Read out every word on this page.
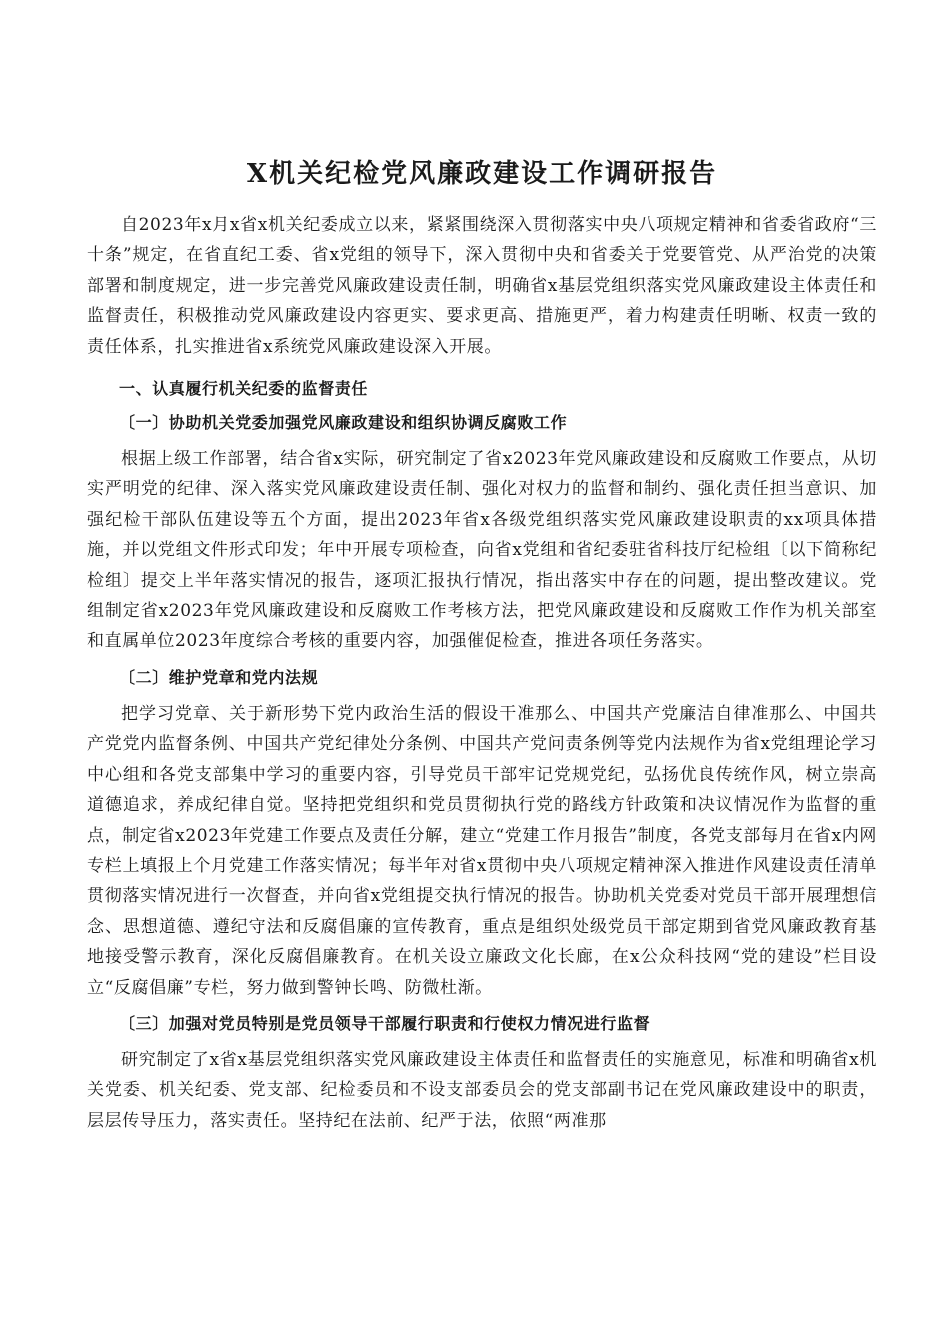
X机关纪检党风廉政建设工作调研报告

自2023年x月x省x机关纪委成立以来，紧紧围绕深入贯彻落实中央八项规定精神和省委省政府“三十条”规定，在省直纪工委、省x党组的领导下，深入贯彻中央和省委关于党要管党、从严治党的决策部署和制度规定，进一步完善党风廉政建设责任制，明确省x基层党组织落实党风廉政建设主体责任和监督责任，积极推动党风廉政建设内容更实、要求更高、措施更严，着力构建责任明晰、权责一致的责任体系，扎实推进省x系统党风廉政建设深入开展。

一、认真履行机关纪委的监督责任
〔一〕协助机关党委加强党风廉政建设和组织协调反腐败工作

根据上级工作部署，结合省x实际，研究制定了省x2023年党风廉政建设和反腐败工作要点，从切实严明党的纪律、深入落实党风廉政建设责任制、强化对权力的监督和制约、强化责任担当意识、加强纪检干部队伍建设等五个方面，提出2023年省x各级党组织落实党风廉政建设职责的xx项具体措施，并以党组文件形式印发；年中开展专项检查，向省x党组和省纪委驻省科技厅纪检组〔以下简称纪检组〕提交上半年落实情况的报告，逐项汇报执行情况，指出落实中存在的问题，提出整改建议。党组制定省x2023年党风廉政建设和反腐败工作考核方法，把党风廉政建设和反腐败工作作为机关部室和直属单位2023年度综合考核的重要内容，加强催促检查，推进各项任务落实。

〔二〕维护党章和党内法规

把学习党章、关于新形势下党内政治生活的假设干准那么、中国共产党廉洁自律准那么、中国共产党党内监督条例、中国共产党纪律处分条例、中国共产党问责条例等党内法规作为省x党组理论学习中心组和各党支部集中学习的重要内容，引导党员干部牢记党规党纪，弘扬优良传统作风，树立崇高道德追求，养成纪律自觉。坚持把党组织和党员贯彻执行党的路线方针政策和决议情况作为监督的重点，制定省x2023年党建工作要点及责任分解，建立“党建工作月报告”制度，各党支部每月在省x内网专栏上填报上个月党建工作落实情况；每半年对省x贯彻中央八项规定精神深入推进作风建设责任清单贯彻落实情况进行一次督查，并向省x党组提交执行情况的报告。协助机关党委对党员干部开展理想信念、思想道德、遵纪守法和反腐倡廉的宣传教育，重点是组织处级党员干部定期到省党风廉政教育基地接受警示教育，深化反腐倡廉教育。在机关设立廉政文化长廊，在x公众科技网“党的建设”栏目设立“反腐倡廉”专栏，努力做到警钟长鸣、防微杜渐。

〔三〕加强对党员特别是党员领导干部履行职责和行使权力情况进行监督

研究制定了x省x基层党组织落实党风廉政建设主体责任和监督责任的实施意见，标准和明确省x机关党委、机关纪委、党支部、纪检委员和不设支部委员会的党支部副书记在党风廉政建设中的职责，层层传导压力，落实责任。坚持纪在法前、纪严于法，依照“两准那
